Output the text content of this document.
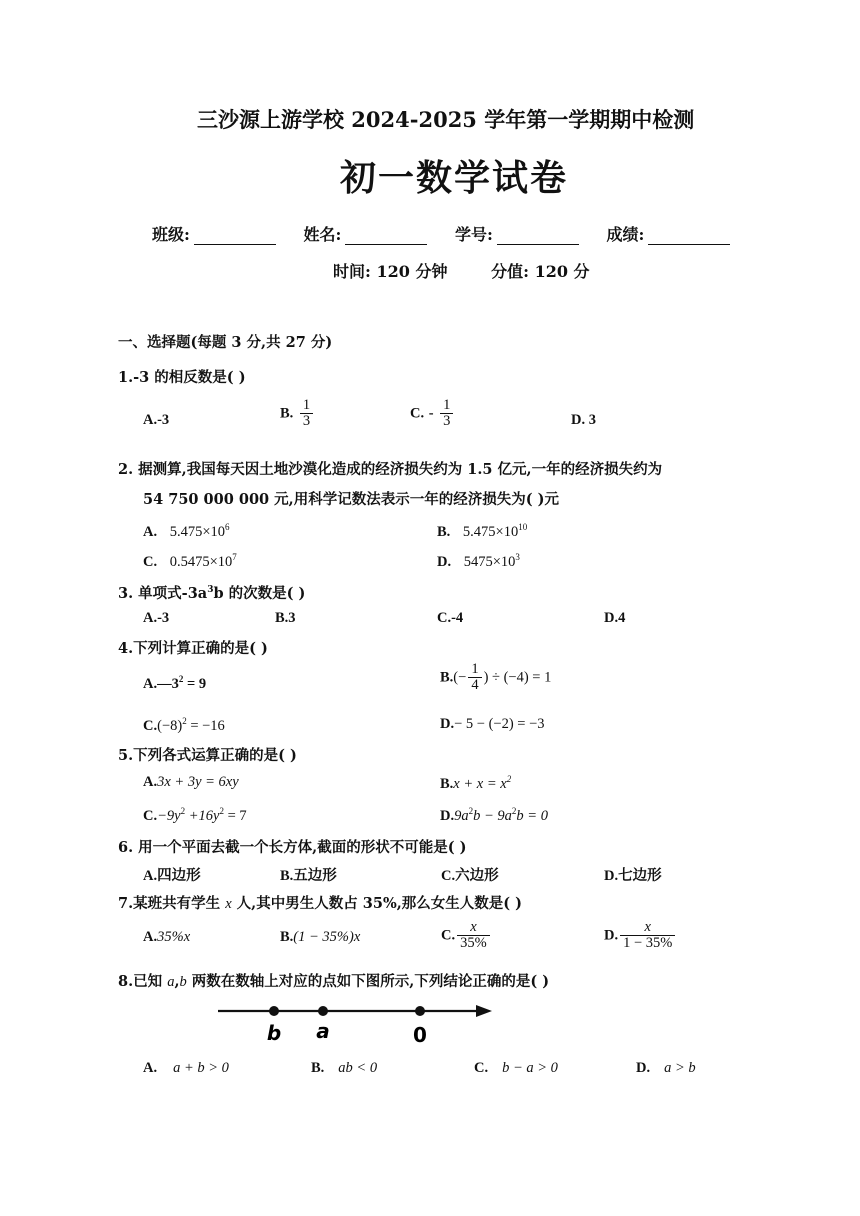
三沙源上游学校 2024-2025 学年第一学期期中检测
初一数学试卷
班级:	姓名:	学号:	成绩:
时间: 120 分钟	分值: 120 分
一、选择题(每题 3 分,共 27 分)
1.-3 的相反数是( )
A.-3	B. $\frac{1}{3}$	C. - $\frac{1}{3}$	D. 3
2. 据测算,我国每天因土地沙漠化造成的经济损失约为 1.5 亿元,一年的经济损失约为
54 750 000 000 元,用科学记数法表示一年的经济损失为( )元
A. $5.475\times 10^6$	B. $5.475\times 10^{10}$
C. $0.5475\times 10^7$	D. $5475\times 10^3$
3. 单项式$-3a^3b$ 的次数是( )
A.-3	B.3	C.-4	D.4
4.下列计算正确的是( )
$A.—3^2 = 9$	$B.(- \frac{1}{4}$ ) ÷ (−4) = 1
$C.(-8)^2 = -16$	D.− 5 − (−2) = −3
5.下列各式运算正确的是( )
A.3x + 3y = 6xy	$B.x + x = x^2$
$C.-9y^2 +16y^2 = 7$	$D.9a^2b - 9a^2b = 0$
6. 用一个平面去截一个长方体,截面的形状不可能是( )
A.四边形	B.五边形	C.六边形	D.七边形
7.某班共有学生 x 人,其中男生人数占 35%,那么女生人数是( )
A.35%x	B.(1 − 35%)x	C. $\frac{x}{35\%}$	D. $\frac{x}{1 - 35\%}$
8.已知 a,b 两数在数轴上对应的点如下图所示,下列结论正确的是( )
b a	0
A. a + b > 0	B. ab < 0	C. b − a > 0	D. a > b
